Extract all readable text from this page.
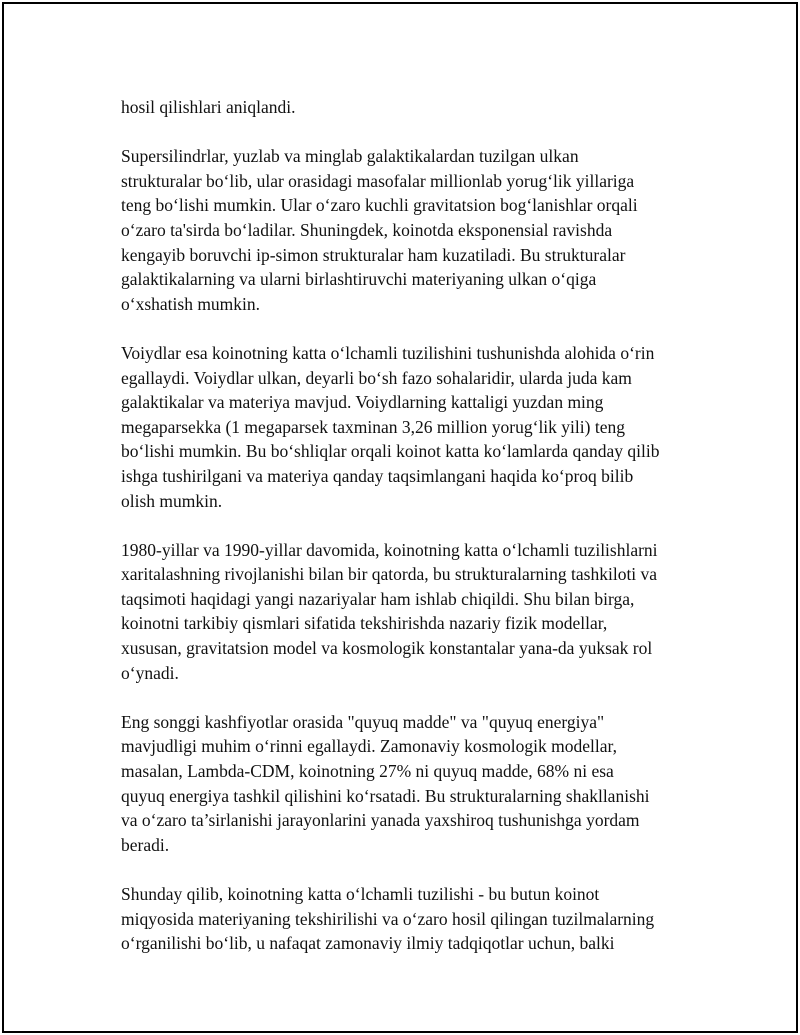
hosil qilishlari aniqlandi.

Supersilindrlar, yuzlab va minglab galaktikalardan tuzilgan ulkan
strukturalar bo‘lib, ular orasidagi masofalar millionlab yorug‘lik yillariga
teng bo‘lishi mumkin. Ular o‘zaro kuchli gravitatsion bog‘lanishlar orqali
o‘zaro ta'sirda bo‘ladilar. Shuningdek, koinotda eksponensial ravishda
kengayib boruvchi ip-simon strukturalar ham kuzatiladi. Bu strukturalar
galaktikalarning va ularni birlashtiruvchi materiyaning ulkan o‘qiga
o‘xshatish mumkin.

Voiydlar esa koinotning katta o‘lchamli tuzilishini tushunishda alohida o‘rin
egallaydi. Voiydlar ulkan, deyarli bo‘sh fazo sohalaridir, ularda juda kam
galaktikalar va materiya mavjud. Voiydlarning kattaligi yuzdan ming
megaparsekka (1 megaparsek taxminan 3,26 million yorug‘lik yili) teng
bo‘lishi mumkin. Bu bo‘shliqlar orqali koinot katta ko‘lamlarda qanday qilib
ishga tushirilgani va materiya qanday taqsimlangani haqida ko‘proq bilib
olish mumkin.

1980-yillar va 1990-yillar davomida, koinotning katta o‘lchamli tuzilishlarni
xaritalashning rivojlanishi bilan bir qatorda, bu strukturalarning tashkiloti va
taqsimoti haqidagi yangi nazariyalar ham ishlab chiqildi. Shu bilan birga,
koinotni tarkibiy qismlari sifatida tekshirishda nazariy fizik modellar,
xususan, gravitatsion model va kosmologik konstantalar yana-da yuksak rol
o‘ynadi.

Eng songgi kashfiyotlar orasida "quyuq madde" va "quyuq energiya"
mavjudligi muhim o‘rinni egallaydi. Zamonaviy kosmologik modellar,
masalan, Lambda-CDM, koinotning 27% ni quyuq madde, 68% ni esa
quyuq energiya tashkil qilishini ko‘rsatadi. Bu strukturalarning shakllanishi
va o‘zaro ta’sirlanishi jarayonlarini yanada yaxshiroq tushunishga yordam
beradi.

Shunday qilib, koinotning katta o‘lchamli tuzilishi - bu butun koinot
miqyosida materiyaning tekshirilishi va o‘zaro hosil qilingan tuzilmalarning
o‘rganilishi bo‘lib, u nafaqat zamonaviy ilmiy tadqiqotlar uchun, balki
